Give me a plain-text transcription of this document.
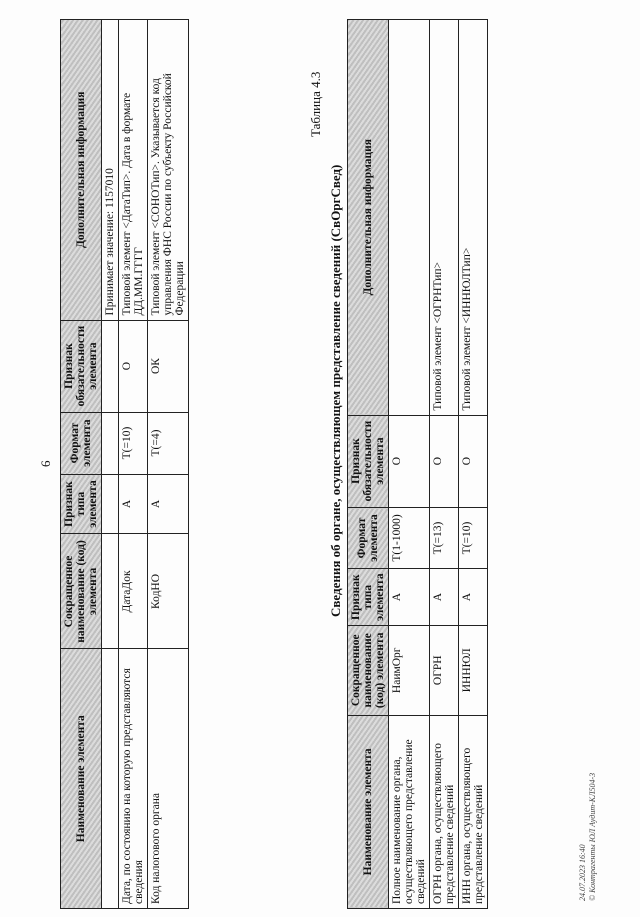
6
Наименование элемента	Сокращенное наименование (код) элемента	Признак типа элемента	Формат элемента	Признак обязательности элемента	Дополнительная информация
					Принимает значение: 1157010
Дата, по состоянию на которую представляются сведения	ДатаДок	А	T(=10)	О	Типовой элемент <ДатаТип>. Дата в формате ДД.ММ.ГГГГ
Код налогового органа	КодНО	А	T(=4)	ОК	Типовой элемент <СОНОТип>. Указывается код управления ФНС России по субъекту Российской Федерации
Таблица 4.3
Сведения об органе, осуществляющем представление сведений (СвОргСвед)
Наименование элемента	Сокращенное наименование (код) элемента	Признак типа элемента	Формат элемента	Признак обязательности элемента	Дополнительная информация
Полное наименование органа, осуществляющего представление сведений	НаимОрг	А	T(1-1000)	О	
ОГРН органа, осуществляющего представление сведений	ОГРН	А	T(=13)	О	Типовой элемент <ОГРНТип>
ИНН органа, осуществляющего представление сведений	ИННЮЛ	А	T(=10)	О	Типовой элемент <ИННЮЛТип>
24.07.2023 16:40 © Контрагенты ЮЛ Аудит-КЛ504-3
